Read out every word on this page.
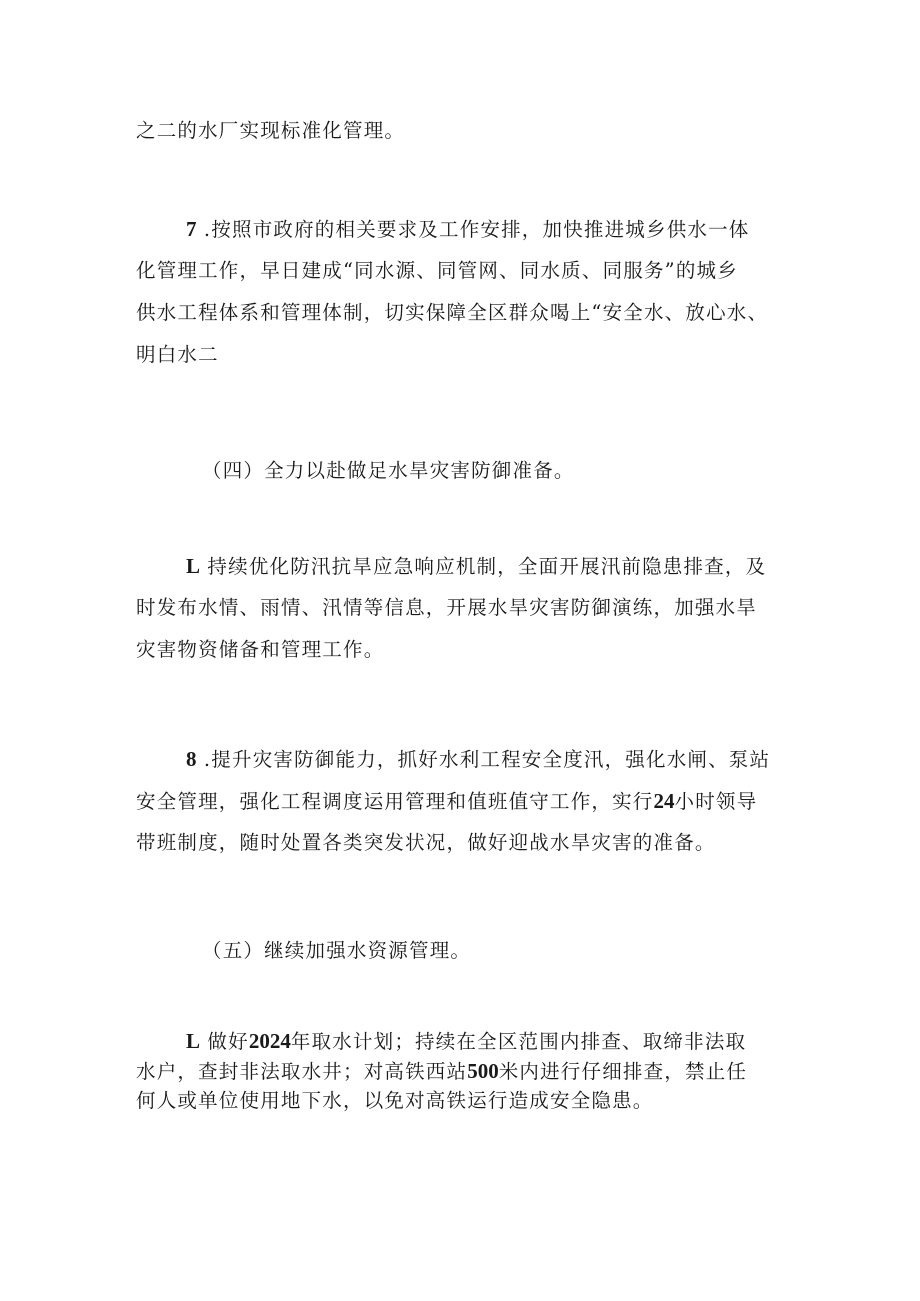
之二的水厂实现标准化管理。
7 .按照市政府的相关要求及工作安排，加快推进城乡供水一体
化管理工作，早日建成“同水源、同管网、同水质、同服务”的城乡
供水工程体系和管理体制，切实保障全区群众喝上“安全水、放心水、
明白水二
（四）全力以赴做足水旱灾害防御准备。
L 持续优化防汛抗旱应急响应机制，全面开展汛前隐患排查，及
时发布水情、雨情、汛情等信息，开展水旱灾害防御演练，加强水旱
灾害物资储备和管理工作。
8 .提升灾害防御能力，抓好水利工程安全度汛，强化水闸、泵站
安全管理，强化工程调度运用管理和值班值守工作，实行24小时领导
带班制度，随时处置各类突发状况，做好迎战水旱灾害的准备。
（五）继续加强水资源管理。
L 做好2024年取水计划；持续在全区范围内排查、取缔非法取
水户，查封非法取水井；对高铁西站500米内进行仔细排查，禁止任
何人或单位使用地下水，以免对高铁运行造成安全隐患。
